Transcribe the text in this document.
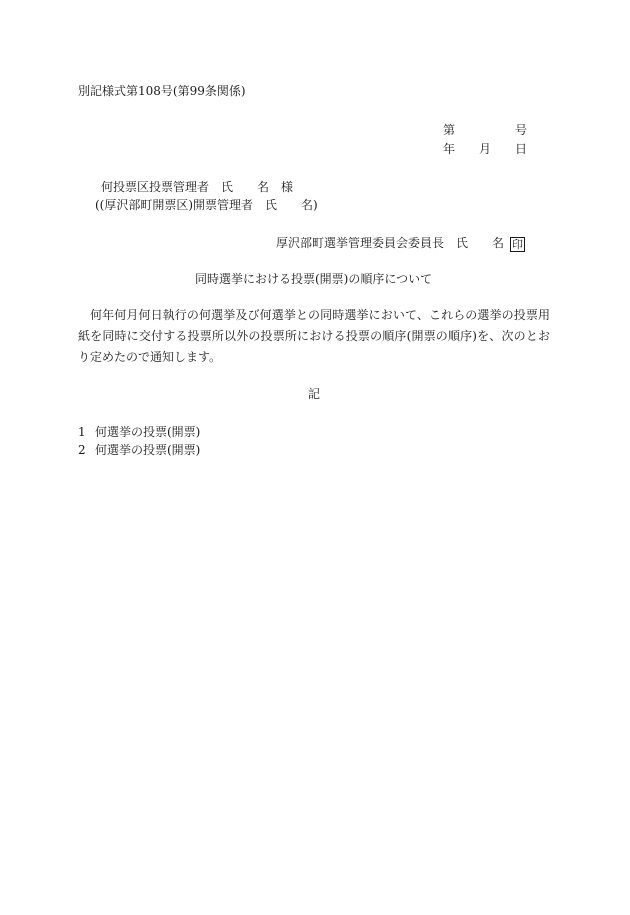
別記様式第108号(第99条関係)
第	号
年 月 日
何投票区投票管理者　氏　　名　様
((厚沢部町開票区)開票管理者　氏　　名)
厚沢部町選挙管理委員会委員長　氏　　名 印
同時選挙における投票(開票)の順序について
何年何月何日執行の何選挙及び何選挙との同時選挙において、これらの選挙の投票用紙を同時に交付する投票所以外の投票所における投票の順序(開票の順序)を、次のとおり定めたので通知します。
記
1 何選挙の投票(開票)
2 何選挙の投票(開票)
